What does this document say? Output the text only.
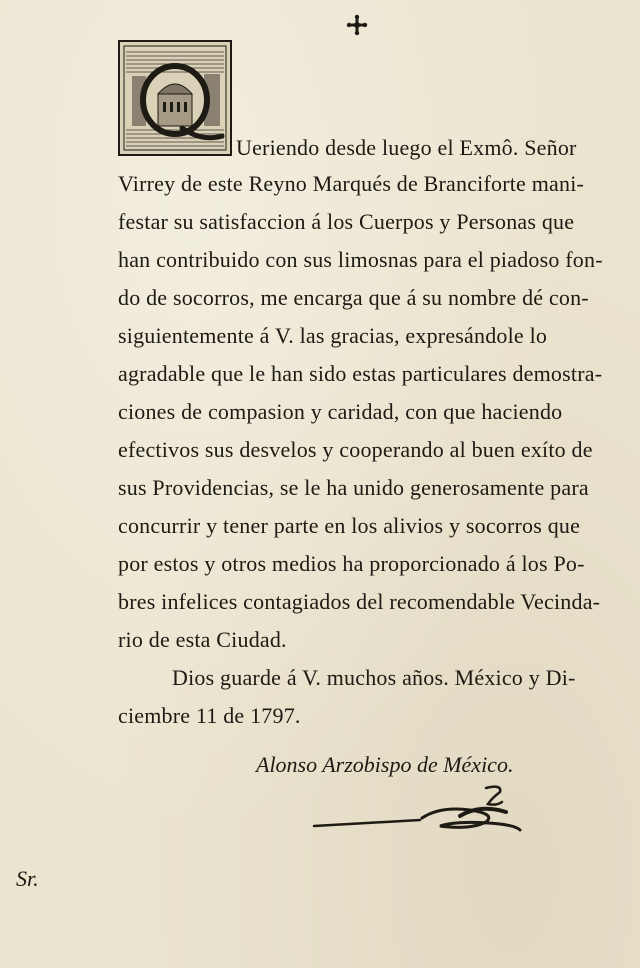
Ueriendo desde luego el Exmô. Señor
Virrey de este Reyno Marqués de Branciforte mani-
festar su satisfaccion á los Cuerpos y Personas que
han contribuido con sus limosnas para el piadoso fon-
do de socorros, me encarga que á su nombre dé con-
siguientemente á V. las gracias, expresándole lo
agradable que le han sido estas particulares demostra-
ciones de compasion y caridad, con que haciendo
efectivos sus desvelos y cooperando al buen exíto de
sus Providencias, se le ha unido generosamente para
concurrir y tener parte en los alivios y socorros que
por estos y otros medios ha proporcionado á los Po-
bres infelices contagiados del recomendable Vecinda-
rio de esta Ciudad.
Dios guarde á V. muchos años. México y Di-
ciembre 11 de 1797.
Alonso Arzobispo de México.
Sr.
